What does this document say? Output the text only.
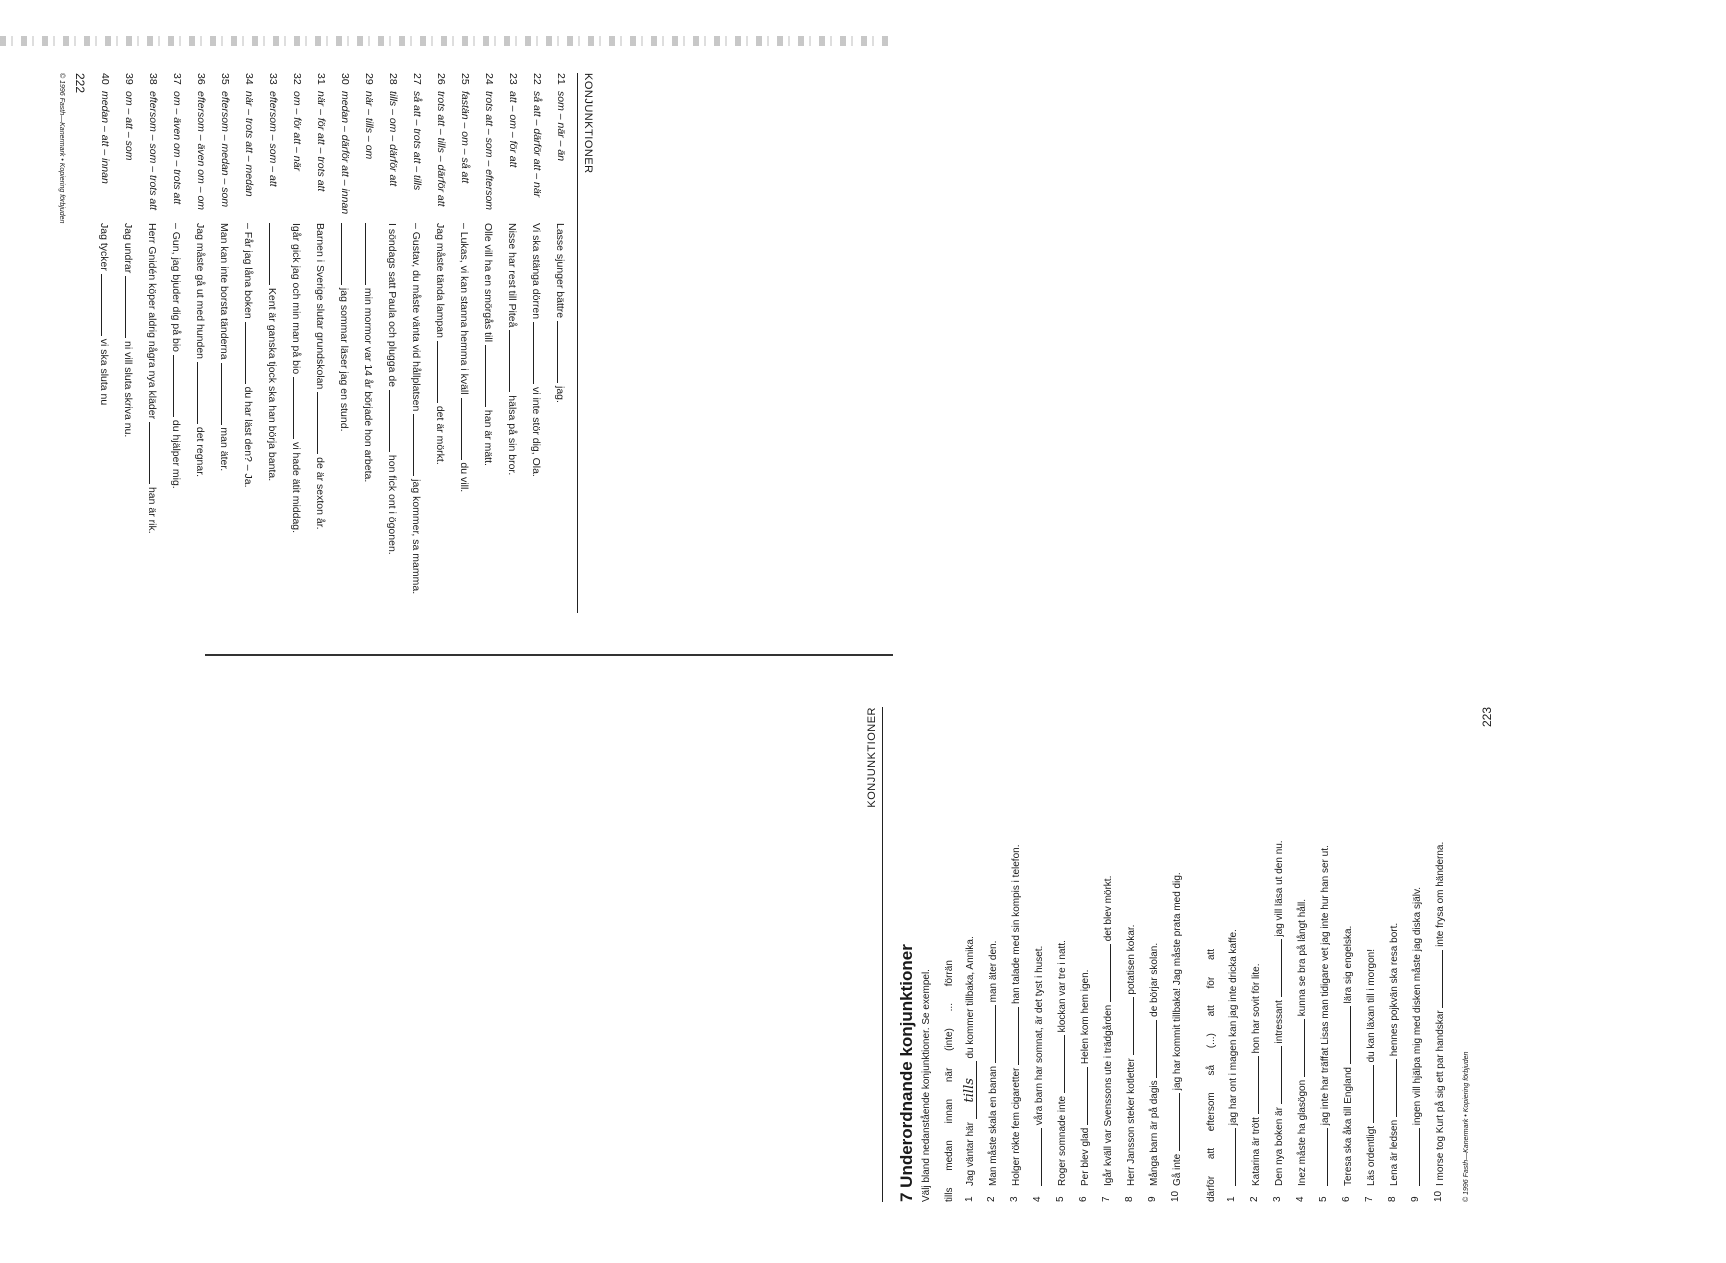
KONJUNKTIONER
21
som – när – än
Lasse sjunger bättre  jag.
22
så att – därför att – när
Vi ska stänga dörren  vi inte stör dig, Ola.
23
att – om – för att
Nisse har rest till Piteå  hälsa på sin bror.
24
trots att – som – eftersom
Olle vill ha en smörgås till  han är mätt.
25
fastän – om – så att
– Lukas, vi kan stanna hemma i kväll  du vill.
26
trots att – tills – därför att
Jag måste tända lampan  det är mörkt.
27
så att – trots att – tills
– Gustav, du måste vänta vid hållplatsen  jag kommer, sa mamma.
28
tills – om – därför att
I söndags satt Paula och plugga de  hon fick ont i ögonen.
29
när – tills – om
min mormor var 14 år började hon arbeta.
30
medan – därför att – innan
jag sommar läser jag en stund.
31
när – för att – trots att
Barnen i Sverige slutar grundskolan  de är sexton år.
32
om – för att – när
Igår gick jag och min man på bio  vi hade ätit middag.
33
eftersom – som – att
Kent är ganska tjock ska han börja banta.
34
när – trots att – medan
– Får jag låna boken  du har läst den? – Ja.
35
eftersom – medan – som
Man kan inte borsta tänderna  man äter.
36
eftersom – även om – om
Jag måste gå ut med hunden  det regnar.
37
om – även om – trots att
– Gun, jag bjuder dig på bio  du hjälper mig.
38
eftersom – som – trots att
Herr Gnidén köper aldrig några nya kläder  han är rik.
39
om – att – som
Jag undrar  ni vill sluta skriva nu.
40
medan – att – innan
Jag tycker  vi ska sluta nu
222
© 1996 Fasth—Kanermark • Kopiering förbjuden
KONJUNKTIONER
7 Underordnande konjunktioner Välj bland nedanstående konjunktioner. Se exempel. tills medan innan när (inte) ... förrän
1
Jag väntar här tills du kommer tillbaka, Annika.
2
Man måste skala en banan  man äter den.
3
Holger rökte fem cigaretter  han talade med sin kompis i telefon.
4
våra barn har somnat, är det tyst i huset.
5
Roger somnade inte  klockan var tre i natt.
6
Per blev glad  Helen kom hem igen.
7
Igår kväll var Svenssons ute i trädgården  det blev mörkt.
8
Herr Jansson steker kotletter  potatisen kokar.
9
Många barn är på dagis  de börjar skolan.
10
Gå inte  jag har kommit tillbaka! Jag måste prata med dig.
därför att eftersom så (...) att för att
1
jag har ont i magen kan jag inte dricka kaffe.
2
Katarina är trött  hon har sovit för lite.
3
Den nya boken är  intressant  jag vill läsa ut den nu.
4
Inez måste ha glasögon  kunna se bra på långt håll.
5
jag inte har träffat Lisas man tidigare vet jag inte hur han ser ut.
6
Teresa ska åka till England  lära sig engelska.
7
Läs ordentligt  du kan läxan till i morgon!
8
Lena är ledsen  hennes pojkvän ska resa bort.
9
ingen vill hjälpa mig med disken måste jag diska själv.
10
I morse tog Kurt på sig ett par handskar  inte frysa om händerna.
© 1996 Fasth—Kanermark • Kopiering förbjuden
223
